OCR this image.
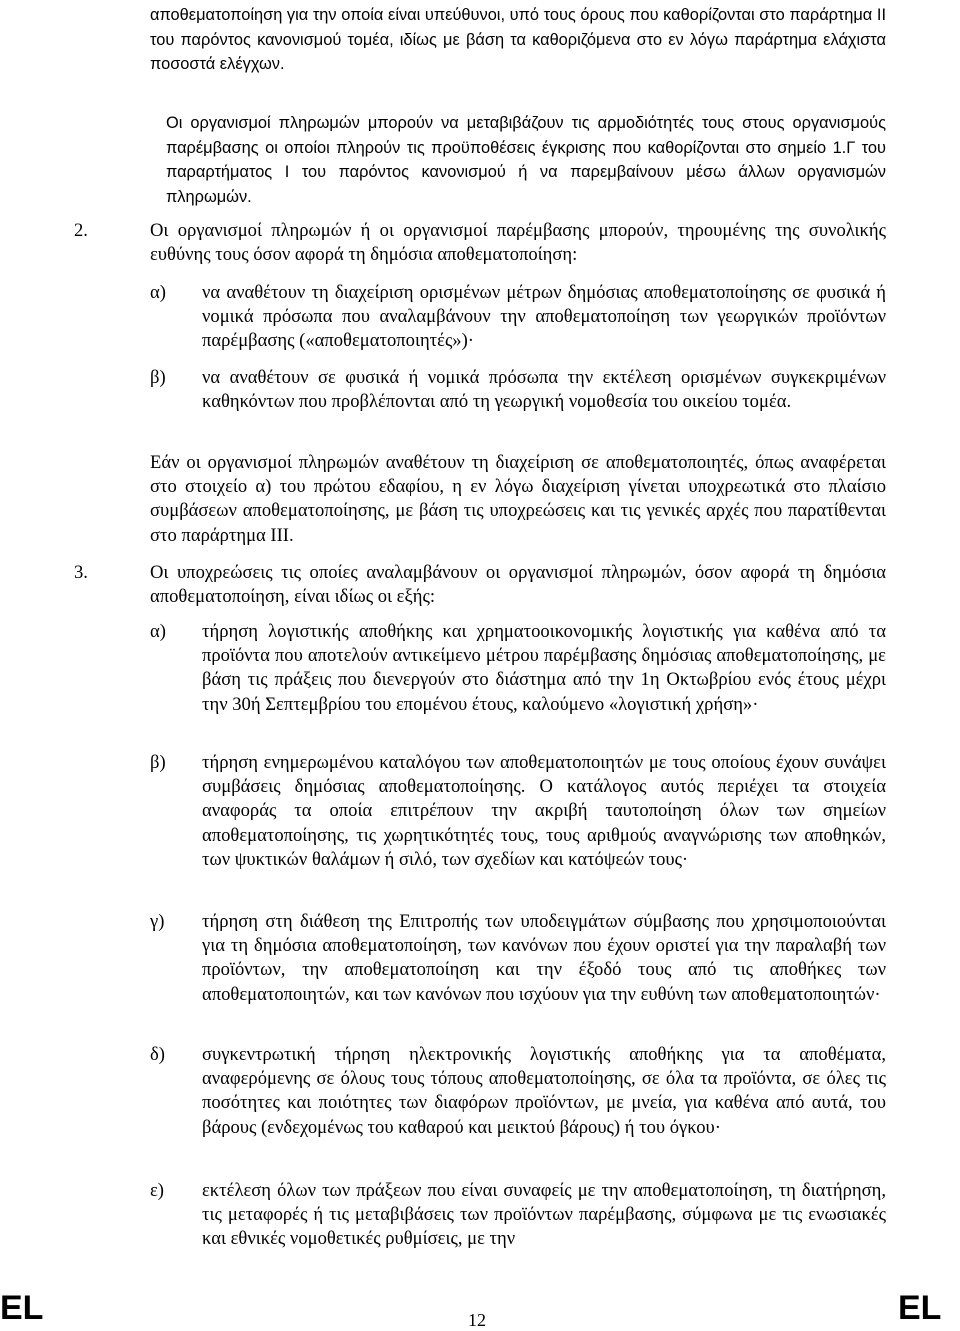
αποθεματοποίηση για την οποία είναι υπεύθυνοι, υπό τους όρους που καθορίζονται στο παράρτημα ΙΙ του παρόντος κανονισμού τομέα, ιδίως με βάση τα καθοριζόμενα στο εν λόγω παράρτημα ελάχιστα ποσοστά ελέγχων.
Οι οργανισμοί πληρωμών μπορούν να μεταβιβάζουν τις αρμοδιότητές τους στους οργανισμούς παρέμβασης οι οποίοι πληρούν τις προϋποθέσεις έγκρισης που καθορίζονται στο σημείο 1.Γ του παραρτήματος Ι του παρόντος κανονισμού ή να παρεμβαίνουν μέσω άλλων οργανισμών πληρωμών.
2.	Οι οργανισμοί πληρωμών ή οι οργανισμοί παρέμβασης μπορούν, τηρουμένης της συνολικής ευθύνης τους όσον αφορά τη δημόσια αποθεματοποίηση:
α) να αναθέτουν τη διαχείριση ορισμένων μέτρων δημόσιας αποθεματοποίησης σε φυσικά ή νομικά πρόσωπα που αναλαμβάνουν την αποθεματοποίηση των γεωργικών προϊόντων παρέμβασης («αποθεματοποιητές»)·
β) να αναθέτουν σε φυσικά ή νομικά πρόσωπα την εκτέλεση ορισμένων συγκεκριμένων καθηκόντων που προβλέπονται από τη γεωργική νομοθεσία του οικείου τομέα.
Εάν οι οργανισμοί πληρωμών αναθέτουν τη διαχείριση σε αποθεματοποιητές, όπως αναφέρεται στο στοιχείο α) του πρώτου εδαφίου, η εν λόγω διαχείριση γίνεται υποχρεωτικά στο πλαίσιο συμβάσεων αποθεματοποίησης, με βάση τις υποχρεώσεις και τις γενικές αρχές που παρατίθενται στο παράρτημα ΙΙΙ.
3.	Οι υποχρεώσεις τις οποίες αναλαμβάνουν οι οργανισμοί πληρωμών, όσον αφορά τη δημόσια αποθεματοποίηση, είναι ιδίως οι εξής:
α) τήρηση λογιστικής αποθήκης και χρηματοοικονομικής λογιστικής για καθένα από τα προϊόντα που αποτελούν αντικείμενο μέτρου παρέμβασης δημόσιας αποθεματοποίησης, με βάση τις πράξεις που διενεργούν στο διάστημα από την 1η Οκτωβρίου ενός έτους μέχρι την 30ή Σεπτεμβρίου του επομένου έτους, καλούμενο «λογιστική χρήση»·
β) τήρηση ενημερωμένου καταλόγου των αποθεματοποιητών με τους οποίους έχουν συνάψει συμβάσεις δημόσιας αποθεματοποίησης. Ο κατάλογος αυτός περιέχει τα στοιχεία αναφοράς τα οποία επιτρέπουν την ακριβή ταυτοποίηση όλων των σημείων αποθεματοποίησης, τις χωρητικότητές τους, τους αριθμούς αναγνώρισης των αποθηκών, των ψυκτικών θαλάμων ή σιλό, των σχεδίων και κατόψεών τους·
γ) τήρηση στη διάθεση της Επιτροπής των υποδειγμάτων σύμβασης που χρησιμοποιούνται για τη δημόσια αποθεματοποίηση, των κανόνων που έχουν οριστεί για την παραλαβή των προϊόντων, την αποθεματοποίηση και την έξοδό τους από τις αποθήκες των αποθεματοποιητών, και των κανόνων που ισχύουν για την ευθύνη των αποθεματοποιητών·
δ) συγκεντρωτική τήρηση ηλεκτρονικής λογιστικής αποθήκης για τα αποθέματα, αναφερόμενης σε όλους τους τόπους αποθεματοποίησης, σε όλα τα προϊόντα, σε όλες τις ποσότητες και ποιότητες των διαφόρων προϊόντων, με μνεία, για καθένα από αυτά, του βάρους (ενδεχομένως του καθαρού και μεικτού βάρους) ή του όγκου·
ε) εκτέλεση όλων των πράξεων που είναι συναφείς με την αποθεματοποίηση, τη διατήρηση, τις μεταφορές ή τις μεταβιβάσεις των προϊόντων παρέμβασης, σύμφωνα με τις ενωσιακές και εθνικές νομοθετικές ρυθμίσεις, με την
EL	12	EL
